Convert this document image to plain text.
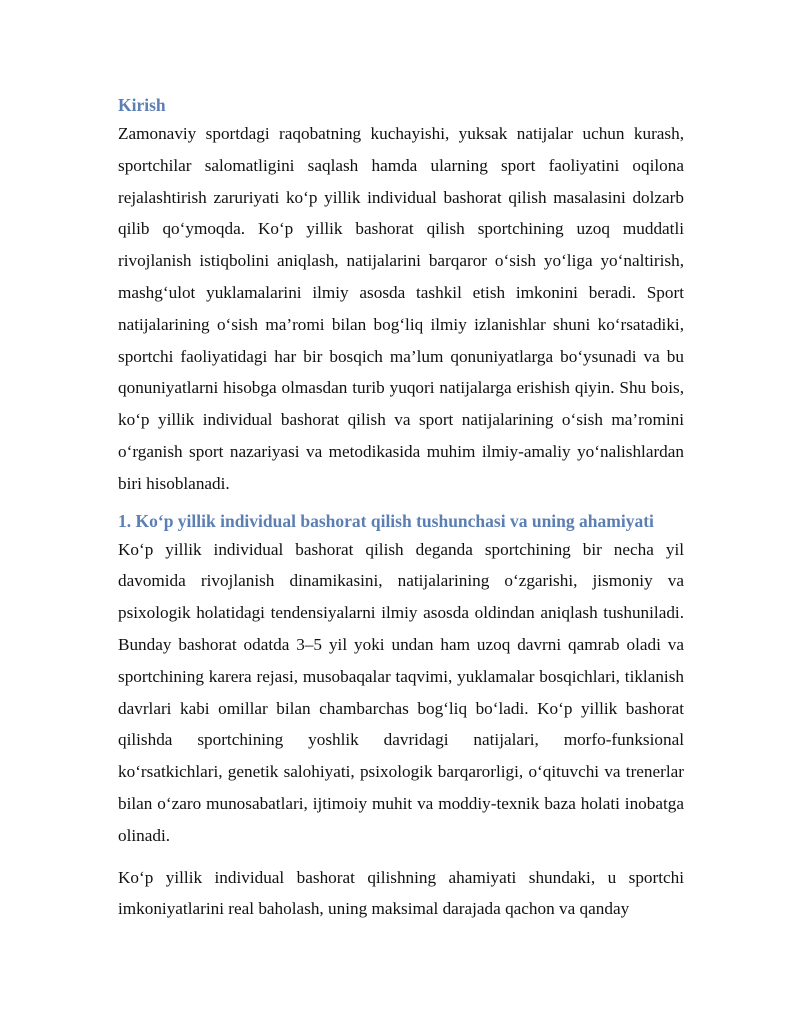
Kirish

Zamonaviy sportdagi raqobatning kuchayishi, yuksak natijalar uchun kurash, sportchilar salomatligini saqlash hamda ularning sport faoliyatini oqilona rejalashtirish zaruriyati ko‘p yillik individual bashorat qilish masalasini dolzarb qilib qo‘ymoqda. Ko‘p yillik bashorat qilish sportchining uzoq muddatli rivojlanish istiqbolini aniqlash, natijalarini barqaror o‘sish yo‘liga yo‘naltirish, mashg‘ulot yuklamalarini ilmiy asosda tashkil etish imkonini beradi. Sport natijalarining o‘sish ma’romi bilan bog‘liq ilmiy izlanishlar shuni ko‘rsatadiki, sportchi faoliyatidagi har bir bosqich ma’lum qonuniyatlarga bo‘ysunadi va bu qonuniyatlarni hisobga olmasdan turib yuqori natijalarga erishish qiyin. Shu bois, ko‘p yillik individual bashorat qilish va sport natijalarining o‘sish ma’romini o‘rganish sport nazariyasi va metodikasida muhim ilmiy-amaliy yo‘nalishlardan biri hisoblanadi.

1. Ko‘p yillik individual bashorat qilish tushunchasi va uning ahamiyati

Ko‘p yillik individual bashorat qilish deganda sportchining bir necha yil davomida rivojlanish dinamikasini, natijalarining o‘zgarishi, jismoniy va psixologik holatidagi tendensiyalarni ilmiy asosda oldindan aniqlash tushuniladi. Bunday bashorat odatda 3–5 yil yoki undan ham uzoq davrni qamrab oladi va sportchining karera rejasi, musobaqalar taqvimi, yuklamalar bosqichlari, tiklanish davrlari kabi omillar bilan chambarchas bog‘liq bo‘ladi. Ko‘p yillik bashorat qilishda sportchining yoshlik davridagi natijalari, morfo-funksional ko‘rsatkichlari, genetik salohiyati, psixologik barqarorligi, o‘qituvchi va trenerlar bilan o‘zaro munosabatlari, ijtimoiy muhit va moddiy-texnik baza holati inobatga olinadi.

Ko‘p yillik individual bashorat qilishning ahamiyati shundaki, u sportchi imkoniyatlarini real baholash, uning maksimal darajada qachon va qanday
